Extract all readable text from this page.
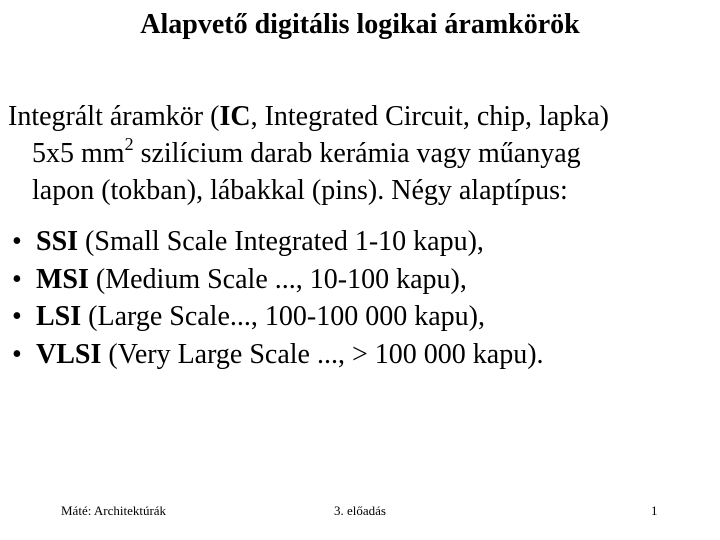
Alapvető digitális logikai áramkörök
Integrált áramkör (IC, Integrated Circuit, chip, lapka)
5x5 $mm^2$ szilícium darab kerámia vagy műanyag
lapon (tokban), lábakkal (pins). Négy alaptípus:
• SSI (Small Scale Integrated 1-10 kapu),
• MSI (Medium Scale ..., 10-100 kapu),
• LSI (Large Scale..., 100-100 000 kapu),
• VLSI (Very Large Scale ..., > 100 000 kapu).
Máté: Architektúrák	3. előadás	1
